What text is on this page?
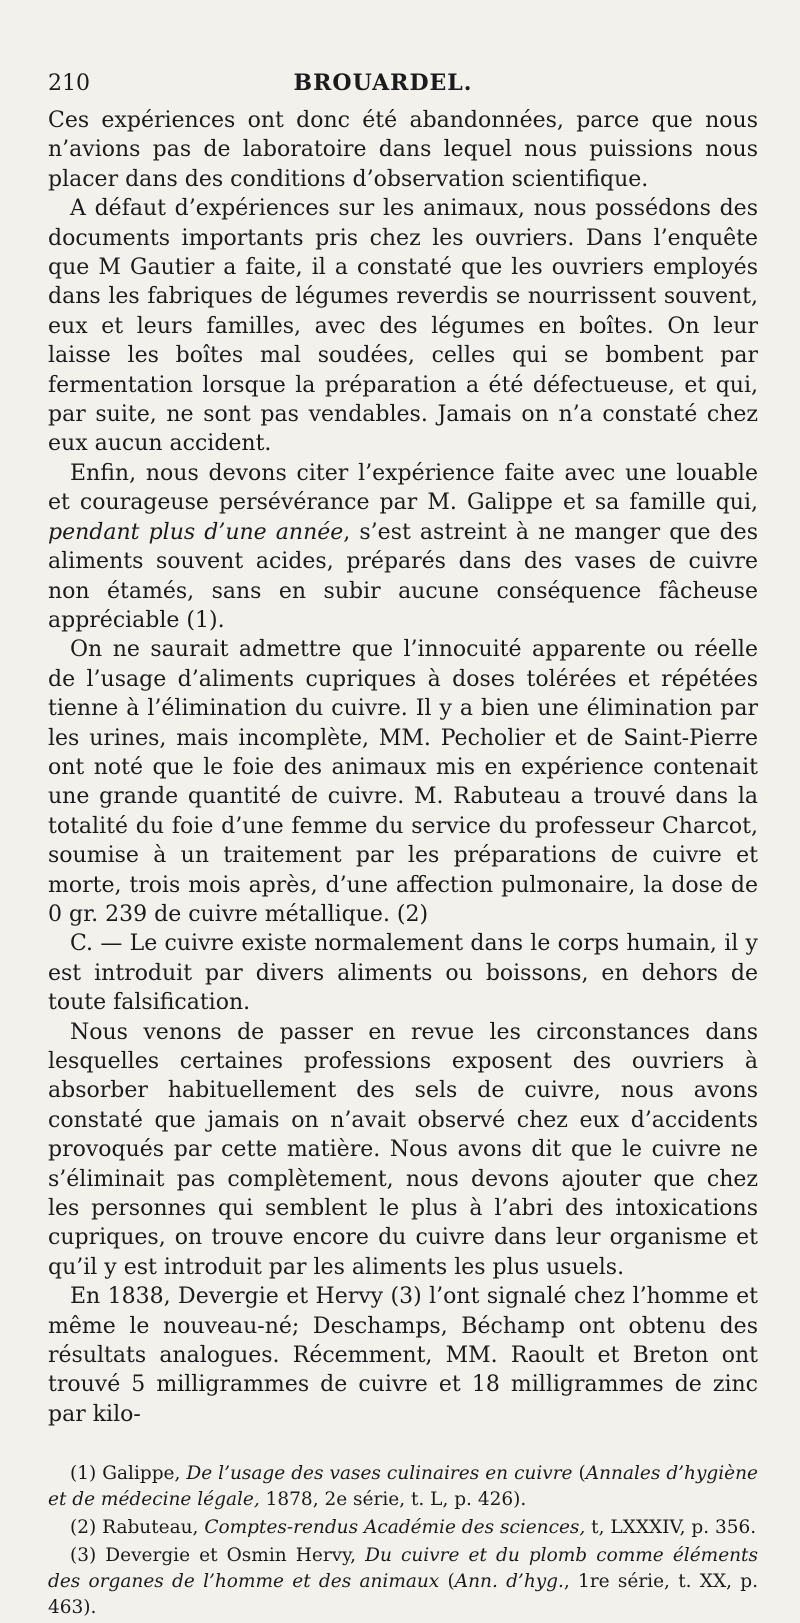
210	BROUARDEL.

Ces expériences ont donc été abandonnées, parce que nous n’avions pas de laboratoire dans lequel nous puissions nous placer dans des conditions d’observation scientifique.

A défaut d’expériences sur les animaux, nous possédons des documents importants pris chez les ouvriers. Dans l’enquête que M Gautier a faite, il a constaté que les ouvriers employés dans les fabriques de légumes reverdis se nourrissent souvent, eux et leurs familles, avec des légumes en boîtes. On leur laisse les boîtes mal soudées, celles qui se bombent par fermentation lorsque la préparation a été défectueuse, et qui, par suite, ne sont pas vendables. Jamais on n’a constaté chez eux aucun accident.

Enfin, nous devons citer l’expérience faite avec une louable et courageuse persévérance par M. Galippe et sa famille qui, pendant plus d’une année, s’est astreint à ne manger que des aliments souvent acides, préparés dans des vases de cuivre non étamés, sans en subir aucune conséquence fâcheuse appréciable (1).

On ne saurait admettre que l’innocuité apparente ou réelle de l’usage d’aliments cupriques à doses tolérées et répétées tienne à l’élimination du cuivre. Il y a bien une élimination par les urines, mais incomplète, MM. Pecholier et de Saint-Pierre ont noté que le foie des animaux mis en expérience contenait une grande quantité de cuivre. M. Rabuteau a trouvé dans la totalité du foie d’une femme du service du professeur Charcot, soumise à un traitement par les préparations de cuivre et morte, trois mois après, d’une affection pulmonaire, la dose de 0 gr. 239 de cuivre métallique. (2)

C. — Le cuivre existe normalement dans le corps humain, il y est introduit par divers aliments ou boissons, en dehors de toute falsification.

Nous venons de passer en revue les circonstances dans lesquelles certaines professions exposent des ouvriers à absorber habituellement des sels de cuivre, nous avons constaté que jamais on n’avait observé chez eux d’accidents provoqués par cette matière. Nous avons dit que le cuivre ne s’éliminait pas complètement, nous devons ajouter que chez les personnes qui semblent le plus à l’abri des intoxications cupriques, on trouve encore du cuivre dans leur organisme et qu’il y est introduit par les aliments les plus usuels.

En 1838, Devergie et Hervy (3) l’ont signalé chez l’homme et même le nouveau-né; Deschamps, Béchamp ont obtenu des résultats analogues. Récemment, MM. Raoult et Breton ont trouvé 5 milligrammes de cuivre et 18 milligrammes de zinc par kilo-

(1) Galippe, De l’usage des vases culinaires en cuivre (Annales d’hygiène et de médecine légale, 1878, 2e série, t. L, p. 426).

(2) Rabuteau, Comptes-rendus Académie des sciences, t, LXXXIV, p. 356.

(3) Devergie et Osmin Hervy, Du cuivre et du plomb comme éléments des organes de l’homme et des animaux (Ann. d’hyg., 1re série, t. XX, p. 463).
